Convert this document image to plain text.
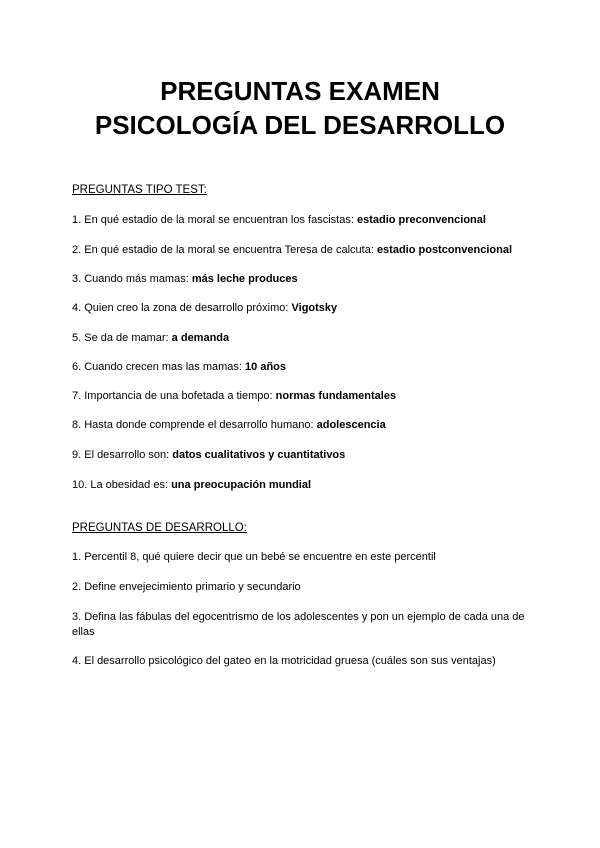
PREGUNTAS EXAMEN
PSICOLOGÍA DEL DESARROLLO
PREGUNTAS TIPO TEST:
1. En qué estadio de la moral se encuentran los fascistas: estadio preconvencional
2. En qué estadio de la moral se encuentra Teresa de calcuta: estadio postconvencional
3. Cuando más mamas: más leche produces
4. Quien creo la zona de desarrollo próximo: Vigotsky
5. Se da de mamar: a demanda
6. Cuando crecen mas las mamas: 10 años
7. Importancia de una bofetada a tiempo: normas fundamentales
8. Hasta donde comprende el desarrollo humano: adolescencia
9. El desarrollo son: datos cualitativos y cuantitativos
10. La obesidad es: una preocupación mundial
PREGUNTAS DE DESARROLLO:
1. Percentil 8, qué quiere decir que un bebé se encuentre en este percentil
2. Define envejecimiento primario y secundario
3. Defina las fábulas del egocentrismo de los adolescentes y pon un ejemplo de cada una de ellas
4. El desarrollo psicológico del gateo en la motricidad gruesa (cuáles son sus ventajas)
